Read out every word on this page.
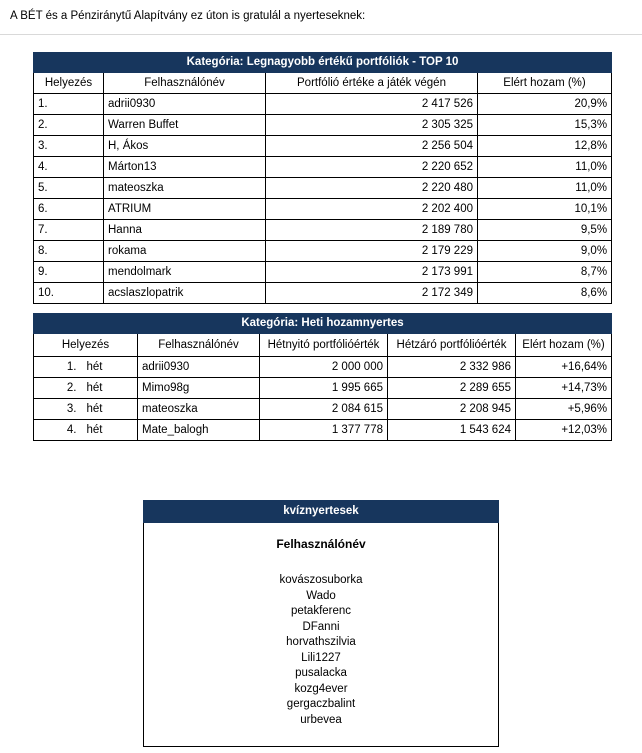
A BÉT és a Pénziránytű Alapítvány ez úton is gratulál a nyerteseknek:
Kategória: Legnagyobb értékű portfóliók - TOP 10			
Helyezés	Felhasználónév	Portfólió értéke a játék végén	Elért hozam (%)
1.	adrii0930	2 417 526	20,9%
2.	Warren Buffet	2 305 325	15,3%
3.	H, Ákos	2 256 504	12,8%
4.	Márton13	2 220 652	11,0%
5.	mateoszka	2 220 480	11,0%
6.	ATRIUM	2 202 400	10,1%
7.	Hanna	2 189 780	9,5%
8.	rokama	2 179 229	9,0%
9.	mendolmark	2 173 991	8,7%
10.	acslaszlopatrik	2 172 349	8,6%
Kategória: Heti hozamnyertes				
Helyezés	Felhasználónév	Hétnyitó portfólióérték	Hétzáró portfólióérték	Elért hozam (%)

1. hét	adrii0930	2 000 000	2 332 986	+16,64%

2. hét	Mimo98g	1 995 665	2 289 655	+14,73%

3. hét	mateoszka	2 084 615	2 208 945	+5,96%

4. hét	Mate_balogh	1 377 778	1 543 624	+12,03%
kvíznyertesek
Felhasználónév
kovászosuborka
Wado
petakferenc
DFanni
horvathszilvia
Lili1227
pusalacka
kozg4ever
gergaczbalint
urbevea
